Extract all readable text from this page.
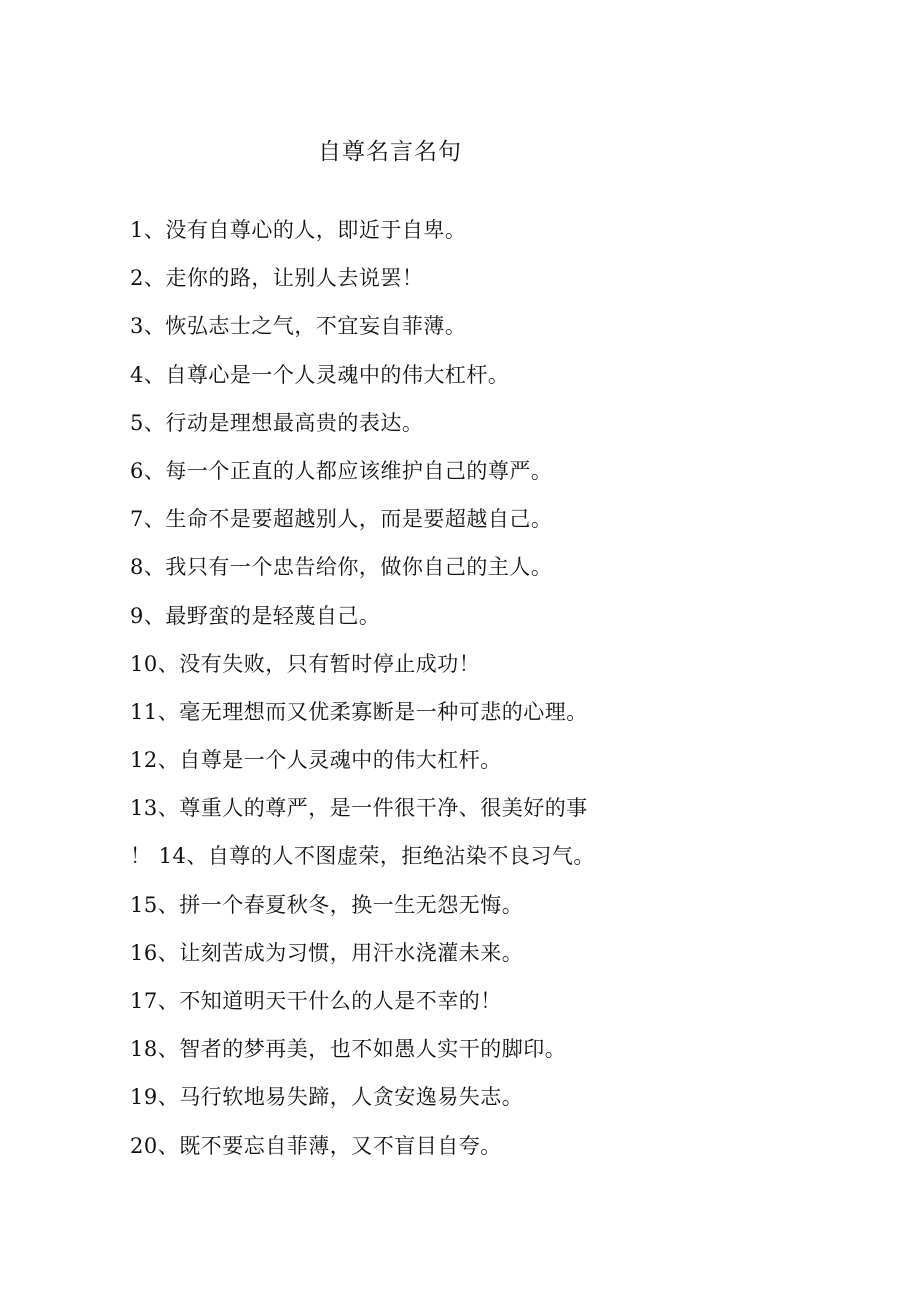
自尊名言名句
1、没有自尊心的人，即近于自卑。
2、走你的路，让别人去说罢！
3、恢弘志士之气，不宜妄自菲薄。
4、自尊心是一个人灵魂中的伟大杠杆。
5、行动是理想最高贵的表达。
6、每一个正直的人都应该维护自己的尊严。
7、生命不是要超越别人，而是要超越自己。
8、我只有一个忠告给你，做你自己的主人。
9、最野蛮的是轻蔑自己。
10、没有失败，只有暂时停止成功！
11、毫无理想而又优柔寡断是一种可悲的心理。
12、自尊是一个人灵魂中的伟大杠杆。
13、尊重人的尊严，是一件很干净、很美好的事
！ 14、自尊的人不图虚荣，拒绝沾染不良习气。
15、拼一个春夏秋冬，换一生无怨无悔。
16、让刻苦成为习惯，用汗水浇灌未来。
17、不知道明天干什么的人是不幸的！
18、智者的梦再美，也不如愚人实干的脚印。
19、马行软地易失蹄，人贪安逸易失志。
20、既不要忘自菲薄，又不盲目自夸。
